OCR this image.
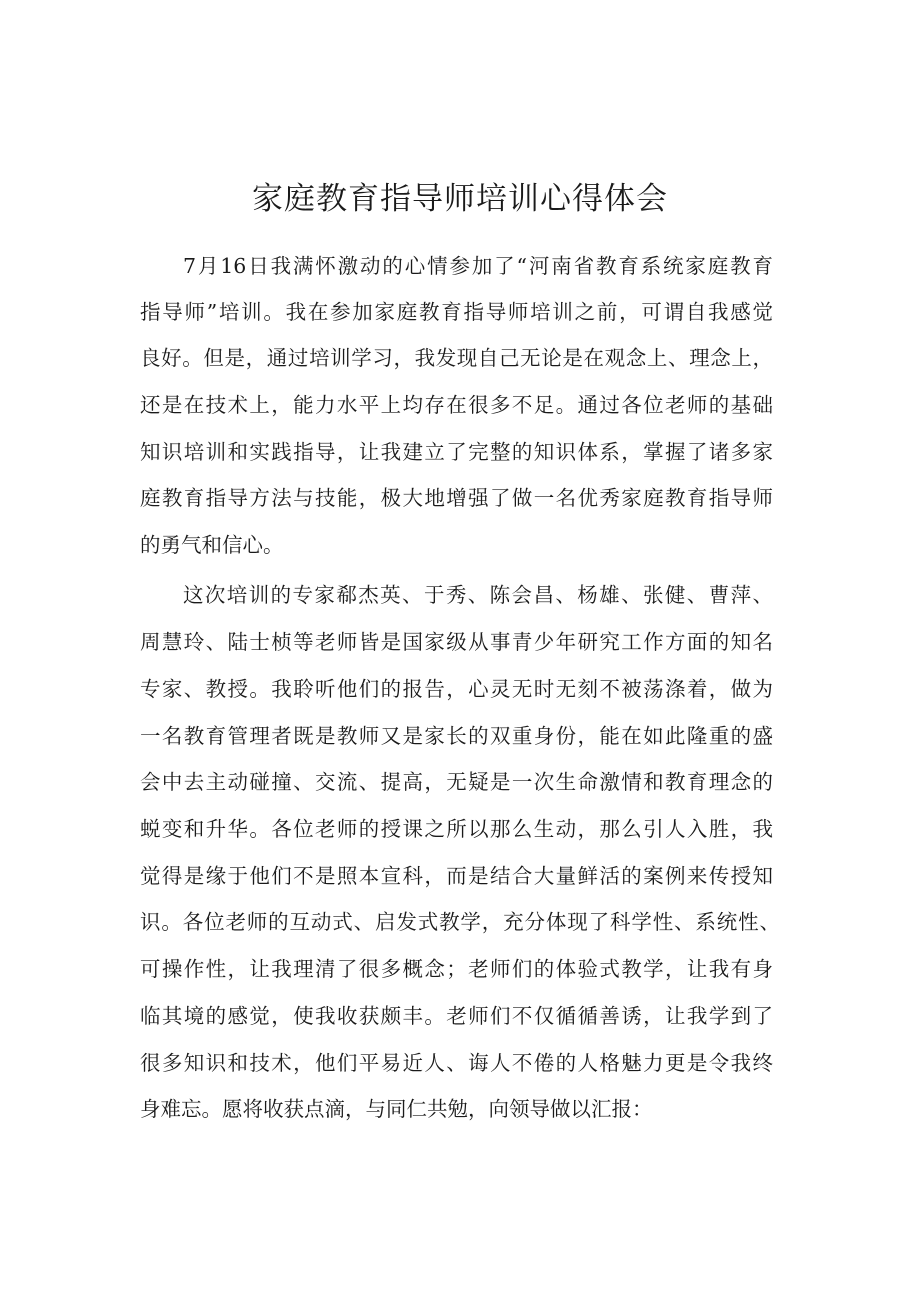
家庭教育指导师培训心得体会
7月16日我满怀激动的心情参加了“河南省教育系统家庭教育
指导师”培训。我在参加家庭教育指导师培训之前，可谓自我感觉
良好。但是，通过培训学习，我发现自己无论是在观念上、理念上，
还是在技术上，能力水平上均存在很多不足。通过各位老师的基础
知识培训和实践指导，让我建立了完整的知识体系，掌握了诸多家
庭教育指导方法与技能，极大地增强了做一名优秀家庭教育指导师
的勇气和信心。
这次培训的专家郗杰英、于秀、陈会昌、杨雄、张健、曹萍、
周慧玲、陆士桢等老师皆是国家级从事青少年研究工作方面的知名
专家、教授。我聆听他们的报告，心灵无时无刻不被荡涤着，做为
一名教育管理者既是教师又是家长的双重身份，能在如此隆重的盛
会中去主动碰撞、交流、提高，无疑是一次生命激情和教育理念的
蜕变和升华。各位老师的授课之所以那么生动，那么引人入胜，我
觉得是缘于他们不是照本宣科，而是结合大量鲜活的案例来传授知
识。各位老师的互动式、启发式教学，充分体现了科学性、系统性、
可操作性，让我理清了很多概念；老师们的体验式教学，让我有身
临其境的感觉，使我收获颇丰。老师们不仅循循善诱，让我学到了
很多知识和技术，他们平易近人、诲人不倦的人格魅力更是令我终
身难忘。愿将收获点滴，与同仁共勉，向领导做以汇报：
